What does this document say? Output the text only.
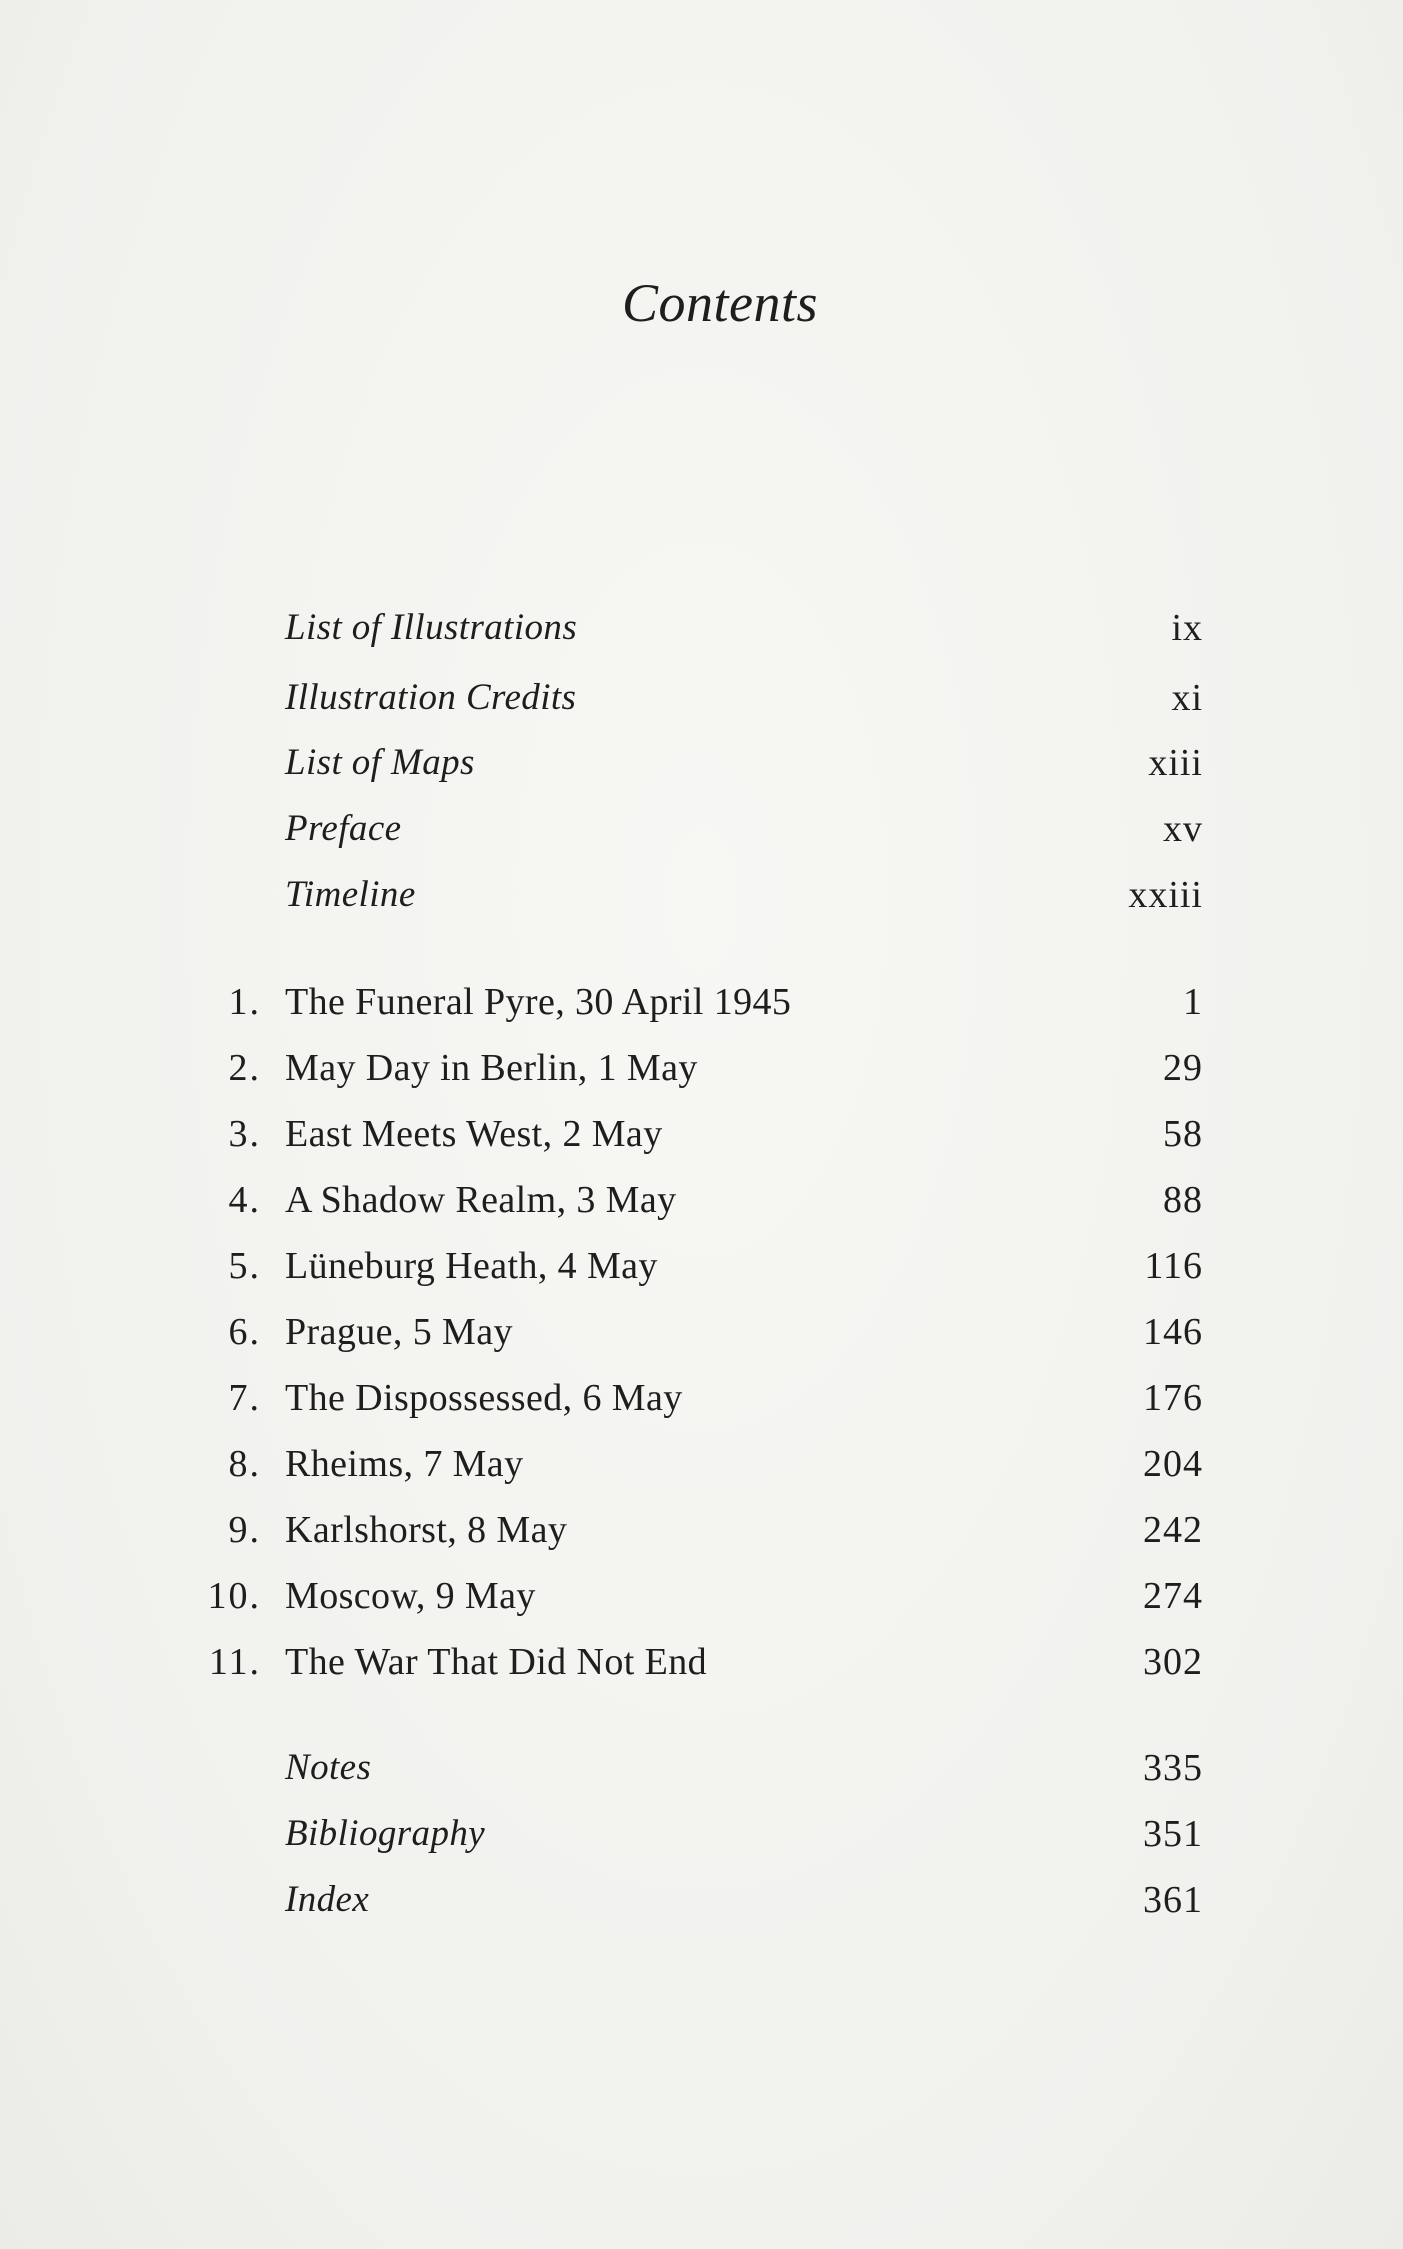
Contents
List of Illustrations	ix
Illustration Credits	xi
List of Maps	xiii
Preface	xv
Timeline	xxiii
1. The Funeral Pyre, 30 April 1945	1
2. May Day in Berlin, 1 May	29
3. East Meets West, 2 May	58
4. A Shadow Realm, 3 May	88
5. Lüneburg Heath, 4 May	116
6. Prague, 5 May	146
7. The Dispossessed, 6 May	176
8. Rheims, 7 May	204
9. Karlshorst, 8 May	242
10. Moscow, 9 May	274
11. The War That Did Not End	302
Notes	335
Bibliography	351
Index	361
